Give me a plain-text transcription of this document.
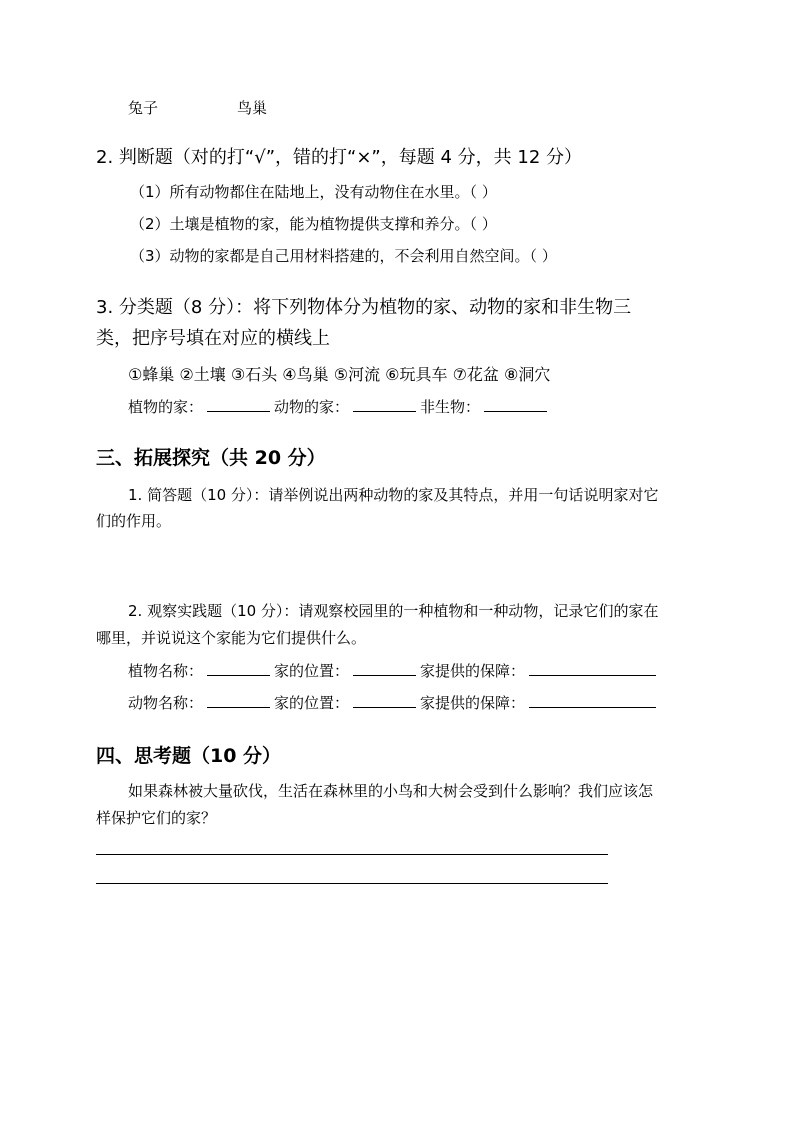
兔子	鸟巢
2. 判断题（对的打“√”，错的打“×”，每题 4 分，共 12 分）
（1）所有动物都住在陆地上，没有动物住在水里。（ ）
（2）土壤是植物的家，能为植物提供支撑和养分。（ ）
（3）动物的家都是自己用材料搭建的，不会利用自然空间。（ ）
3. 分类题（8 分）：将下列物体分为植物的家、动物的家和非生物三
类，把序号填在对应的横线上
①蜂巢 ②土壤 ③石头 ④鸟巢 ⑤河流 ⑥玩具车 ⑦花盆 ⑧洞穴
植物的家：	动物的家：	非生物：
三、拓展探究（共 20 分）
1. 简答题（10 分）：请举例说出两种动物的家及其特点，并用一句话说明家对它
们的作用。
2. 观察实践题（10 分）：请观察校园里的一种植物和一种动物，记录它们的家在
哪里，并说说这个家能为它们提供什么。
植物名称：	家的位置：	家提供的保障：
动物名称：	家的位置：	家提供的保障：
四、思考题（10 分）
如果森林被大量砍伐，生活在森林里的小鸟和大树会受到什么影响？我们应该怎
样保护它们的家？
